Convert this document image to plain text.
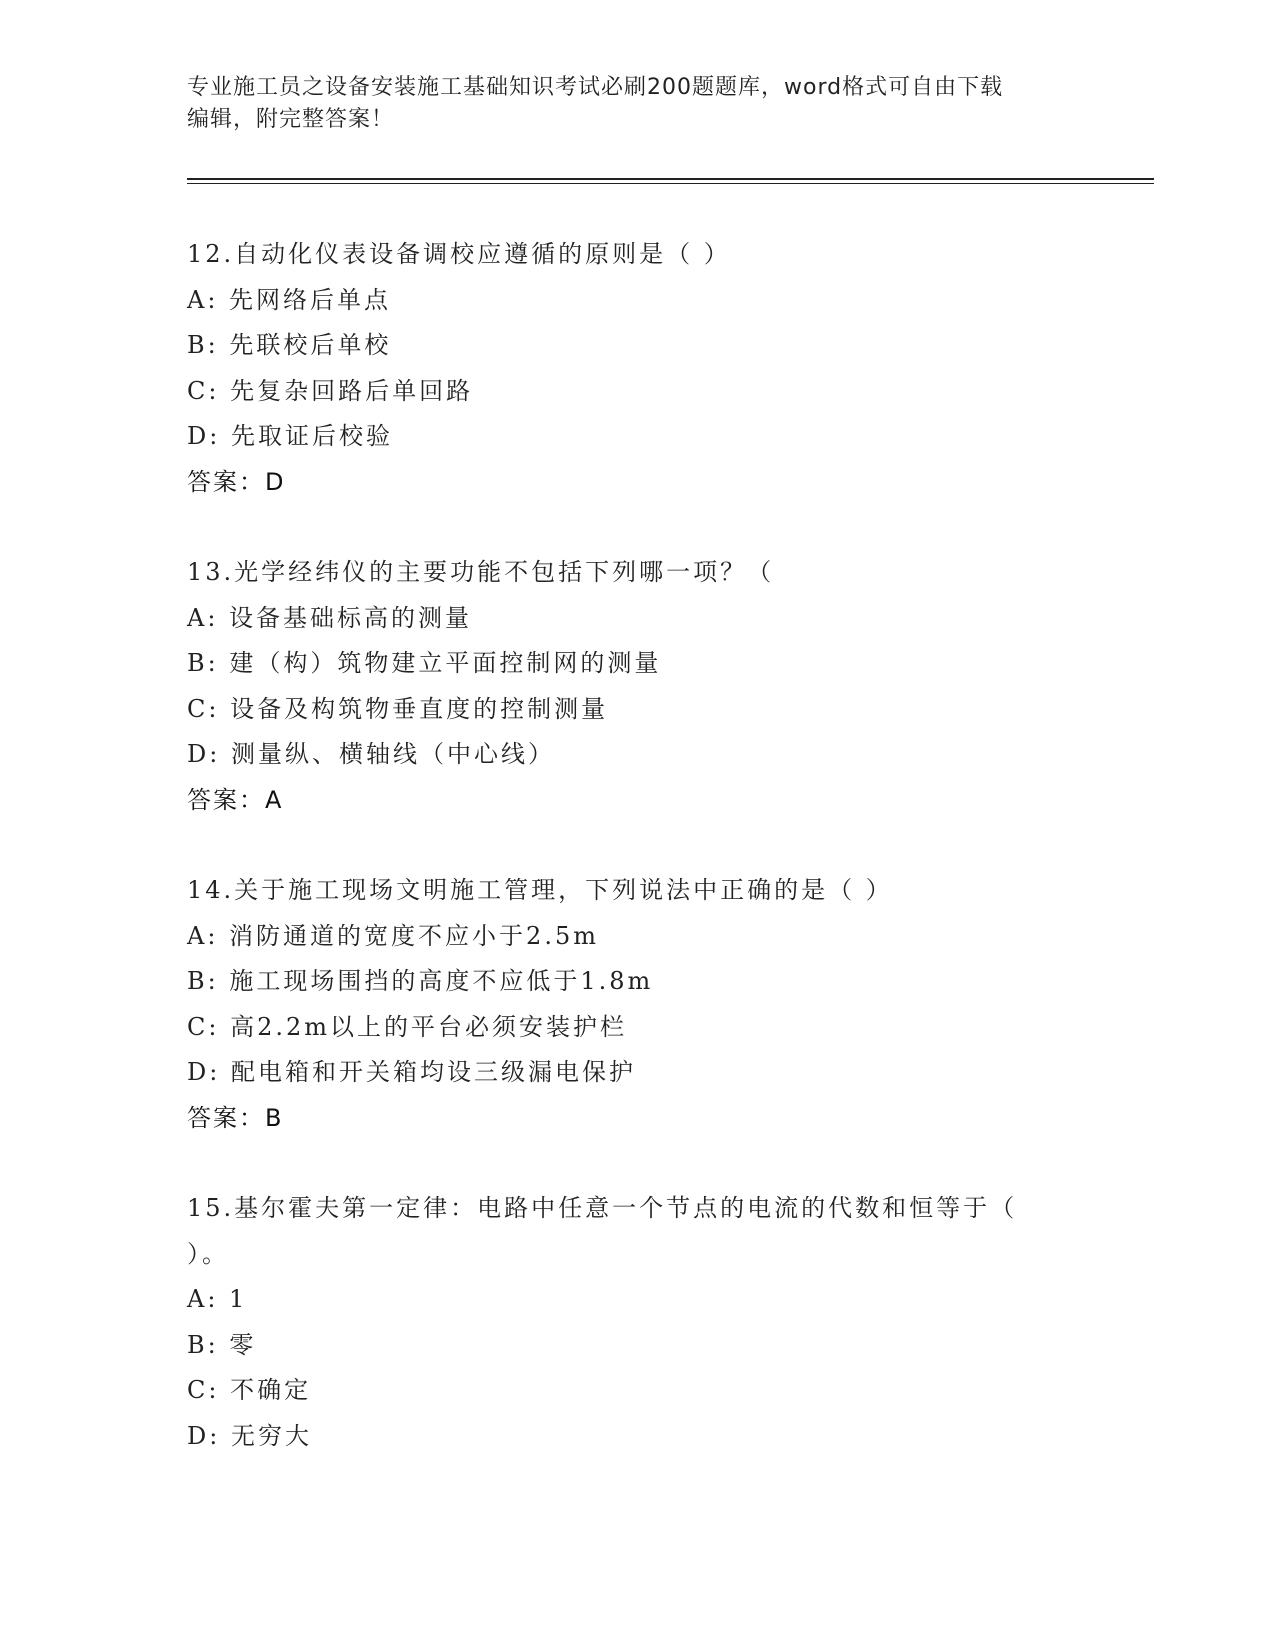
专业施工员之设备安装施工基础知识考试必刷200题题库，word格式可自由下载
编辑，附完整答案！

12.自动化仪表设备调校应遵循的原则是（ ）

A: 先网络后单点

B: 先联校后单校

C: 先复杂回路后单回路

D: 先取证后校验

答案：D

13.光学经纬仪的主要功能不包括下列哪一项？（

A: 设备基础标高的测量

B: 建（构）筑物建立平面控制网的测量

C: 设备及构筑物垂直度的控制测量

D: 测量纵、横轴线（中心线）

答案：A

14.关于施工现场文明施工管理，下列说法中正确的是（ ）

A: 消防通道的宽度不应小于2.5m

B: 施工现场围挡的高度不应低于1.8m

C: 高2.2m以上的平台必须安装护栏

D: 配电箱和开关箱均设三级漏电保护

答案：B

15.基尔霍夫第一定律：电路中任意一个节点的电流的代数和恒等于（

）。

A: 1

B: 零

C: 不确定

D: 无穷大
